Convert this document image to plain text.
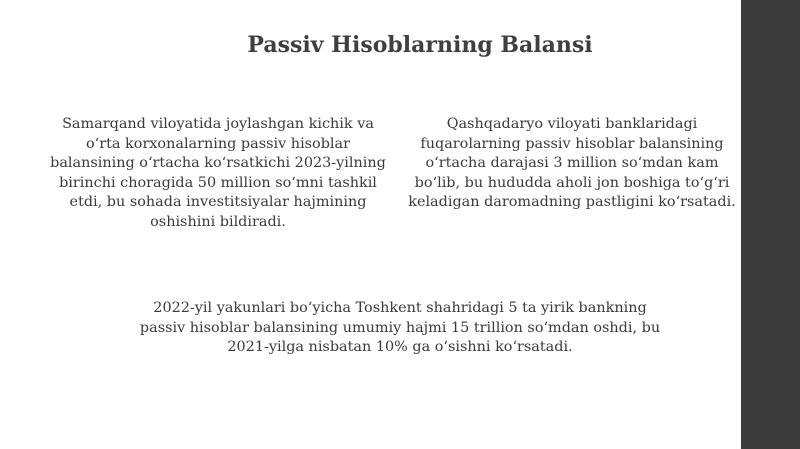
Passiv Hisoblarning Balansi

Samarqand viloyatida joylashgan kichik va o‘rta korxonalarning passiv hisoblar balansining o‘rtacha ko‘rsatkichi 2023-yilning birinchi choragida 50 million so‘mni tashkil etdi, bu sohada investitsiyalar hajmining oshishini bildiradi.

Qashqadaryo viloyati banklaridagi fuqarolarning passiv hisoblar balansining o‘rtacha darajasi 3 million so‘mdan kam bo‘lib, bu hududda aholi jon boshiga to‘g‘ri keladigan daromadning pastligini ko‘rsatadi.

2022-yil yakunlari bo‘yicha Toshkent shahridagi 5 ta yirik bankning passiv hisoblar balansining umumiy hajmi 15 trillion so‘mdan oshdi, bu 2021-yilga nisbatan 10% ga o‘sishni ko‘rsatadi.
